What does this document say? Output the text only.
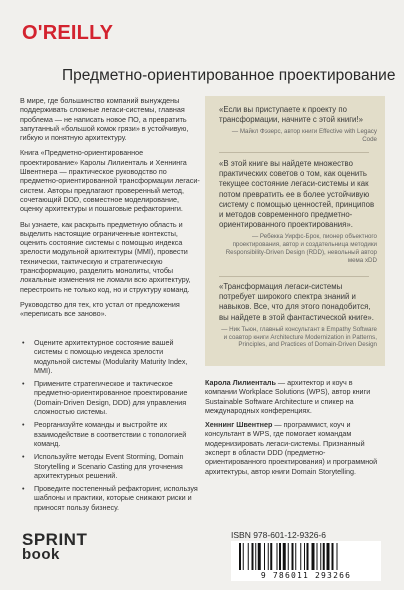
O'REILLY
Предметно-ориентированное проектирование

В мире, где большинство компаний вынуждены поддерживать сложные легаси-системы, главная проблема — не написать новое ПО, а превратить запутанный «большой комок грязи» в устойчивую, гибкую и понятную архитектуру.

Книга «Предметно-ориентированное проектирование» Каролы Лилиенталь и Хеннинга Швентнера — практическое руководство по предметно-ориентированной трансформации легаси-систем. Авторы предлагают проверенный метод, сочетающий DDD, совместное моделирование, оценку архитектуры и пошаговые рефакторинги.

Вы узнаете, как раскрыть предметную область и выделить настоящие ограниченные контексты, оценить состояние системы с помощью индекса зрелости модульной архитектуры (MMI), провести технически, тактическую и стратегическую трансформацию, разделить монолиты, чтобы локальные изменения не ломали всю архитектуру, перестроить не только код, но и структуру команд.

Руководство для тех, кто устал от предложения «переписать все заново».

•	Оцените архитектурное состояние вашей системы с помощью индекса зрелости модульной системы (Modularity Maturity Index, MMI).
•	Примените стратегическое и тактическое предметно-ориентированное проектирование (Domain-Driven Design, DDD) для управления сложностью системы.
•	Реорганизуйте команды и выстройте их взаимодействие в соответствии с топологией команд.
•	Используйте методы Event Storming, Domain Storytelling и Scenario Casting для уточнения архитектурных решений.
•	Проведите постепенный рефакторинг, используя шаблоны и практики, которые снижают риски и приносят пользу бизнесу.
«Если вы приступаете к проекту по трансформации, начните с этой книги!»
— Майкл Фэзерс, автор книги Effective with Legacy Code
«В этой книге вы найдете множество практических советов о том, как оценить текущее состояние легаси-системы и как потом превратить ее в более устойчивую систему с помощью ценностей, принципов и методов современного предметно-ориентированного проектирования».
— Ребекка Уирфс-Брок, пионер объектного проектирования, автор и создательница методики Responsibility-Driven Design (RDD), невольный автор мема xDD
«Трансформация легаси-системы потребует широкого спектра знаний и навыков. Все, что для этого понадобится, вы найдете в этой фантастической книге».
— Ник Тьюн, главный консультант в Empathy Software и соавтор книги Architecture Modernization in Patterns, Principles, and Practices of Domain-Driven Design

Карола Лилиенталь — архитектор и коуч в компании Workplace Solutions (WPS), автор книги Sustainable Software Architecture и спикер на международных конференциях.

Хеннинг Швентнер — программист, коуч и консультант в WPS, где помогает командам модернизировать легаси-системы. Признанный эксперт в области DDD (предметно-ориентированного проектирования) и программной архитектуры, автор книги Domain Storytelling.

SPRINT
book
ISBN 978-601-12-9326-6
9 786011 293266
